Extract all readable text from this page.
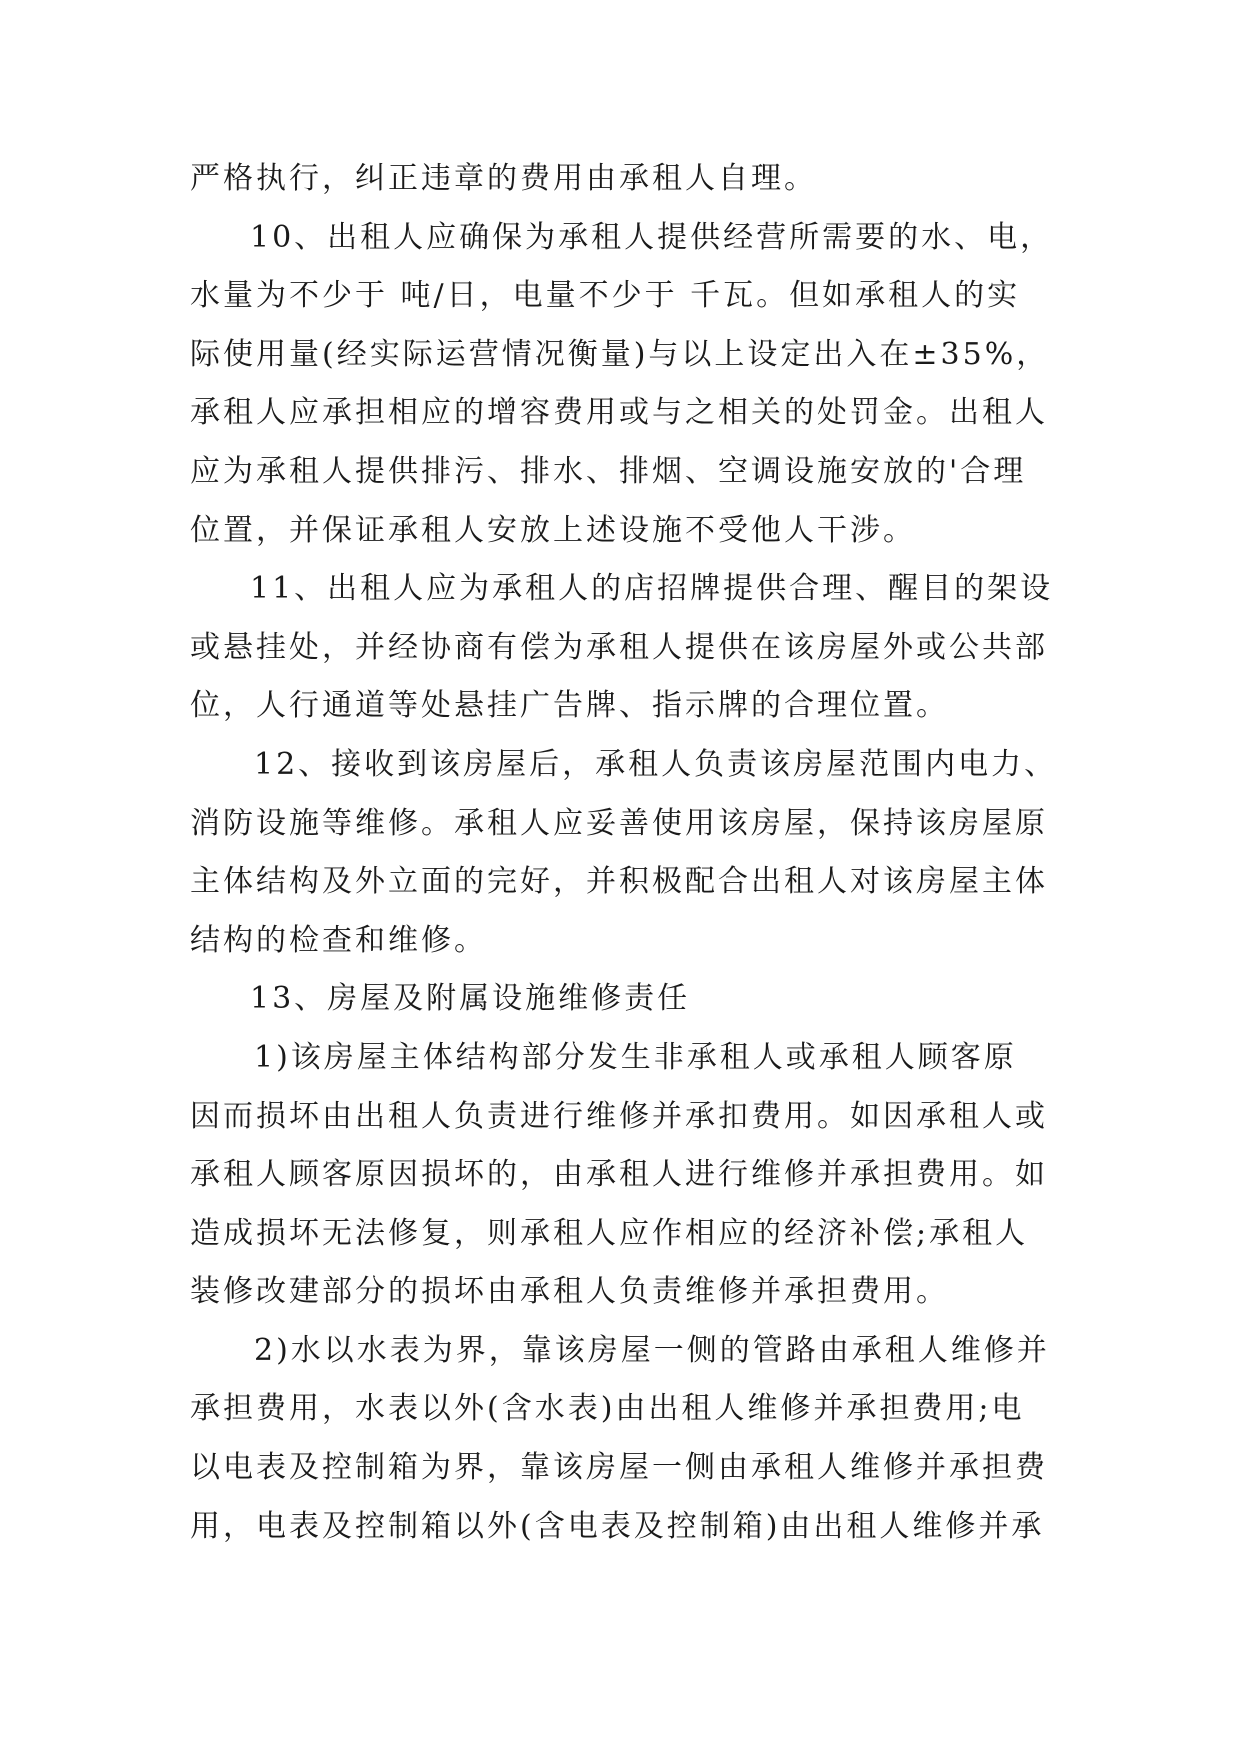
严格执行，纠正违章的费用由承租人自理。
10、出租人应确保为承租人提供经营所需要的水、电，
水量为不少于 吨/日，电量不少于 千瓦。但如承租人的实
际使用量(经实际运营情况衡量)与以上设定出入在±35%，
承租人应承担相应的增容费用或与之相关的处罚金。出租人
应为承租人提供排污、排水、排烟、空调设施安放的'合理
位置，并保证承租人安放上述设施不受他人干涉。
11、出租人应为承租人的店招牌提供合理、醒目的架设
或悬挂处，并经协商有偿为承租人提供在该房屋外或公共部
位，人行通道等处悬挂广告牌、指示牌的合理位置。
12、接收到该房屋后，承租人负责该房屋范围内电力、
消防设施等维修。承租人应妥善使用该房屋，保持该房屋原
主体结构及外立面的完好，并积极配合出租人对该房屋主体
结构的检查和维修。
13、房屋及附属设施维修责任
1)该房屋主体结构部分发生非承租人或承租人顾客原
因而损坏由出租人负责进行维修并承扣费用。如因承租人或
承租人顾客原因损坏的，由承租人进行维修并承担费用。如
造成损坏无法修复，则承租人应作相应的经济补偿;承租人
装修改建部分的损坏由承租人负责维修并承担费用。
2)水以水表为界，靠该房屋一侧的管路由承租人维修并
承担费用，水表以外(含水表)由出租人维修并承担费用;电
以电表及控制箱为界，靠该房屋一侧由承租人维修并承担费
用，电表及控制箱以外(含电表及控制箱)由出租人维修并承
